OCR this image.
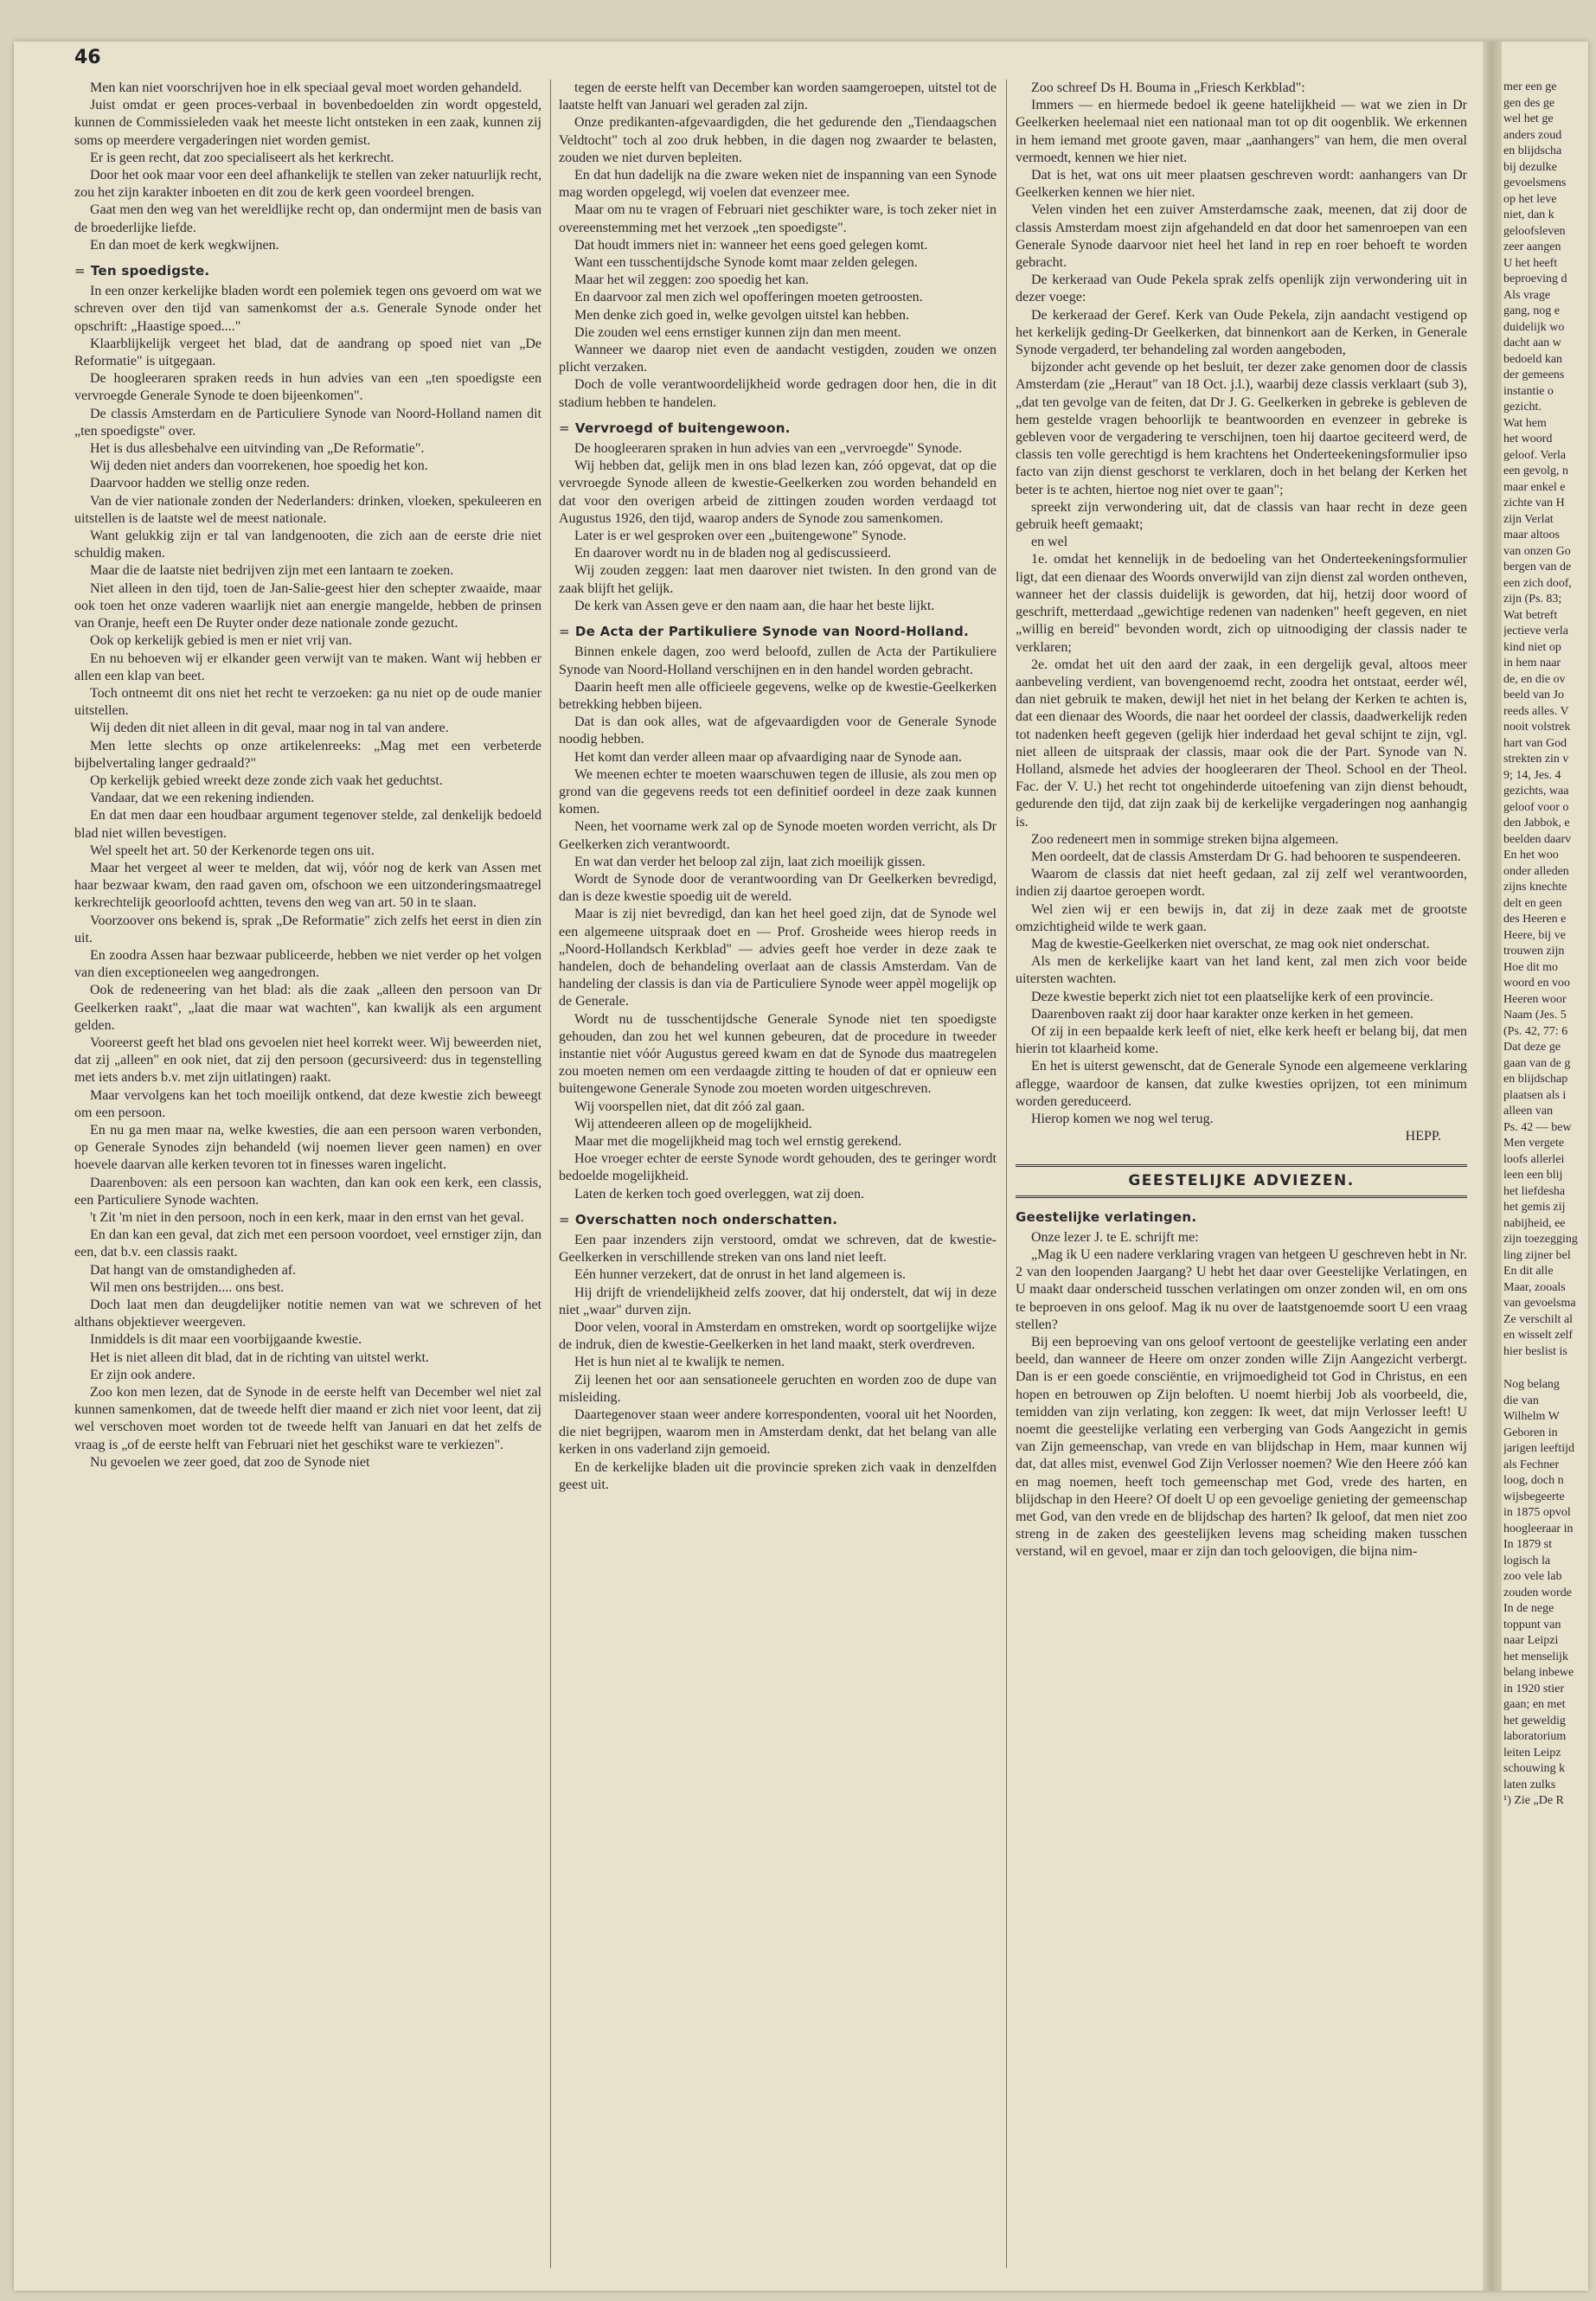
46

Men kan niet voorschrijven hoe in elk speciaal geval moet worden gehandeld.

Juist omdat er geen proces-verbaal in bovenbedoelden zin wordt opgesteld, kunnen de Commissieleden vaak het meeste licht ontsteken in een zaak, kunnen zij soms op meerdere vergaderingen niet worden gemist.

Er is geen recht, dat zoo specialiseert als het kerkrecht.

Door het ook maar voor een deel afhankelijk te stellen van zeker natuurlijk recht, zou het zijn karakter inboeten en dit zou de kerk geen voordeel brengen.

Gaat men den weg van het wereldlijke recht op, dan ondermijnt men de basis van de broederlijke liefde.

En dan moet de kerk wegkwijnen.

= Ten spoedigste.

In een onzer kerkelijke bladen wordt een polemiek tegen ons gevoerd om wat we schreven over den tijd van samenkomst der a.s. Generale Synode onder het opschrift: „Haastige spoed...."

Klaarblijkelijk vergeet het blad, dat de aandrang op spoed niet van „De Reformatie" is uitgegaan.

De hoogleeraren spraken reeds in hun advies van een „ten spoedigste een vervroegde Generale Synode te doen bijeenkomen".

De classis Amsterdam en de Particuliere Synode van Noord-Holland namen dit „ten spoedigste" over.

Het is dus allesbehalve een uitvinding van „De Reformatie".

Wij deden niet anders dan voorrekenen, hoe spoedig het kon.

Daarvoor hadden we stellig onze reden.

Van de vier nationale zonden der Nederlanders: drinken, vloeken, spekuleeren en uitstellen is de laatste wel de meest nationale.

Want gelukkig zijn er tal van landgenooten, die zich aan de eerste drie niet schuldig maken.

Maar die de laatste niet bedrijven zijn met een lantaarn te zoeken.

Niet alleen in den tijd, toen de Jan-Salie-geest hier den schepter zwaaide, maar ook toen het onze vaderen waarlijk niet aan energie mangelde, hebben de prinsen van Oranje, heeft een De Ruyter onder deze nationale zonde gezucht.

Ook op kerkelijk gebied is men er niet vrij van.

En nu behoeven wij er elkander geen verwijt van te maken. Want wij hebben er allen een klap van beet.

Toch ontneemt dit ons niet het recht te verzoeken: ga nu niet op de oude manier uitstellen.

Wij deden dit niet alleen in dit geval, maar nog in tal van andere.

Men lette slechts op onze artikelenreeks: „Mag met een verbeterde bijbelvertaling langer gedraald?"

Op kerkelijk gebied wreekt deze zonde zich vaak het geduchtst.

Vandaar, dat we een rekening indienden.

En dat men daar een houdbaar argument tegenover stelde, zal denkelijk bedoeld blad niet willen bevestigen.

Wel speelt het art. 50 der Kerkenorde tegen ons uit.

Maar het vergeet al weer te melden, dat wij, vóór nog de kerk van Assen met haar bezwaar kwam, den raad gaven om, ofschoon we een uitzonderingsmaatregel kerkrechtelijk geoorloofd achtten, tevens den weg van art. 50 in te slaan.

Voorzoover ons bekend is, sprak „De Reformatie" zich zelfs het eerst in dien zin uit.

En zoodra Assen haar bezwaar publiceerde, hebben we niet verder op het volgen van dien exceptioneelen weg aangedrongen.

Ook de redeneering van het blad: als die zaak „alleen den persoon van Dr Geelkerken raakt", „laat die maar wat wachten", kan kwalijk als een argument gelden.

Vooreerst geeft het blad ons gevoelen niet heel korrekt weer. Wij beweerden niet, dat zij „alleen" en ook niet, dat zij den persoon (gecursiveerd: dus in tegenstelling met iets anders b.v. met zijn uitlatingen) raakt.

Maar vervolgens kan het toch moeilijk ontkend, dat deze kwestie zich beweegt om een persoon.

En nu ga men maar na, welke kwesties, die aan een persoon waren verbonden, op Generale Synodes zijn behandeld (wij noemen liever geen namen) en over hoevele daarvan alle kerken tevoren tot in finesses waren ingelicht.

Daarenboven: als een persoon kan wachten, dan kan ook een kerk, een classis, een Particuliere Synode wachten.

't Zit 'm niet in den persoon, noch in een kerk, maar in den ernst van het geval.

En dan kan een geval, dat zich met een persoon voordoet, veel ernstiger zijn, dan een, dat b.v. een classis raakt.

Dat hangt van de omstandigheden af.

Wil men ons bestrijden.... ons best.

Doch laat men dan deugdelijker notitie nemen van wat we schreven of het althans objektiever weergeven.

Inmiddels is dit maar een voorbijgaande kwestie.

Het is niet alleen dit blad, dat in de richting van uitstel werkt.

Er zijn ook andere.

Zoo kon men lezen, dat de Synode in de eerste helft van December wel niet zal kunnen samenkomen, dat de tweede helft dier maand er zich niet voor leent, dat zij wel verschoven moet worden tot de tweede helft van Januari en dat het zelfs de vraag is „of de eerste helft van Februari niet het geschikst ware te verkiezen".

Nu gevoelen we zeer goed, dat zoo de Synode niet

tegen de eerste helft van December kan worden saamgeroepen, uitstel tot de laatste helft van Januari wel geraden zal zijn.

Onze predikanten-afgevaardigden, die het gedurende den „Tiendaagschen Veldtocht" toch al zoo druk hebben, in die dagen nog zwaarder te belasten, zouden we niet durven bepleiten.

En dat hun dadelijk na die zware weken niet de inspanning van een Synode mag worden opgelegd, wij voelen dat evenzeer mee.

Maar om nu te vragen of Februari niet geschikter ware, is toch zeker niet in overeenstemming met het verzoek „ten spoedigste".

Dat houdt immers niet in: wanneer het eens goed gelegen komt.

Want een tusschentijdsche Synode komt maar zelden gelegen.

Maar het wil zeggen: zoo spoedig het kan.

En daarvoor zal men zich wel opofferingen moeten getroosten.

Men denke zich goed in, welke gevolgen uitstel kan hebben.

Die zouden wel eens ernstiger kunnen zijn dan men meent.

Wanneer we daarop niet even de aandacht vestigden, zouden we onzen plicht verzaken.

Doch de volle verantwoordelijkheid worde gedragen door hen, die in dit stadium hebben te handelen.

= Vervroegd of buitengewoon.

De hoogleeraren spraken in hun advies van een „vervroegde" Synode.

Wij hebben dat, gelijk men in ons blad lezen kan, zóó opgevat, dat op die vervroegde Synode alleen de kwestie-Geelkerken zou worden behandeld en dat voor den overigen arbeid de zittingen zouden worden verdaagd tot Augustus 1926, den tijd, waarop anders de Synode zou samenkomen.

Later is er wel gesproken over een „buitengewone" Synode.

En daarover wordt nu in de bladen nog al gediscussieerd.

Wij zouden zeggen: laat men daarover niet twisten. In den grond van de zaak blijft het gelijk.

De kerk van Assen geve er den naam aan, die haar het beste lijkt.

= De Acta der Partikuliere Synode van Noord-Holland.

Binnen enkele dagen, zoo werd beloofd, zullen de Acta der Partikuliere Synode van Noord-Holland verschijnen en in den handel worden gebracht.

Daarin heeft men alle officieele gegevens, welke op de kwestie-Geelkerken betrekking hebben bijeen.

Dat is dan ook alles, wat de afgevaardigden voor de Generale Synode noodig hebben.

Het komt dan verder alleen maar op afvaardiging naar de Synode aan.

We meenen echter te moeten waarschuwen tegen de illusie, als zou men op grond van die gegevens reeds tot een definitief oordeel in deze zaak kunnen komen.

Neen, het voorname werk zal op de Synode moeten worden verricht, als Dr Geelkerken zich verantwoordt.

En wat dan verder het beloop zal zijn, laat zich moeilijk gissen.

Wordt de Synode door de verantwoording van Dr Geelkerken bevredigd, dan is deze kwestie spoedig uit de wereld.

Maar is zij niet bevredigd, dan kan het heel goed zijn, dat de Synode wel een algemeene uitspraak doet en — Prof. Grosheide wees hierop reeds in „Noord-Hollandsch Kerkblad" — advies geeft hoe verder in deze zaak te handelen, doch de behandeling overlaat aan de classis Amsterdam. Van de handeling der classis is dan via de Particuliere Synode weer appèl mogelijk op de Generale.

Wordt nu de tusschentijdsche Generale Synode niet ten spoedigste gehouden, dan zou het wel kunnen gebeuren, dat de procedure in tweeder instantie niet vóór Augustus gereed kwam en dat de Synode dus maatregelen zou moeten nemen om een verdaagde zitting te houden of dat er opnieuw een buitengewone Generale Synode zou moeten worden uitgeschreven.

Wij voorspellen niet, dat dit zóó zal gaan.

Wij attendeeren alleen op de mogelijkheid.

Maar met die mogelijkheid mag toch wel ernstig gerekend.

Hoe vroeger echter de eerste Synode wordt gehouden, des te geringer wordt bedoelde mogelijkheid.

Laten de kerken toch goed overleggen, wat zij doen.

= Overschatten noch onderschatten.

Een paar inzenders zijn verstoord, omdat we schreven, dat de kwestie-Geelkerken in verschillende streken van ons land niet leeft.

Eén hunner verzekert, dat de onrust in het land algemeen is.

Hij drijft de vriendelijkheid zelfs zoover, dat hij onderstelt, dat wij in deze niet „waar" durven zijn.

Door velen, vooral in Amsterdam en omstreken, wordt op soortgelijke wijze de indruk, dien de kwestie-Geelkerken in het land maakt, sterk overdreven.

Het is hun niet al te kwalijk te nemen.

Zij leenen het oor aan sensationeele geruchten en worden zoo de dupe van misleiding.

Daartegenover staan weer andere korrespondenten, vooral uit het Noorden, die niet begrijpen, waarom men in Amsterdam denkt, dat het belang van alle kerken in ons vaderland zijn gemoeid.

En de kerkelijke bladen uit die provincie spreken zich vaak in denzelfden geest uit.

Zoo schreef Ds H. Bouma in „Friesch Kerkblad":

Immers — en hiermede bedoel ik geene hatelijkheid — wat we zien in Dr Geelkerken heelemaal niet een nationaal man tot op dit oogenblik. We erkennen in hem iemand met groote gaven, maar „aanhangers" van hem, die men overal vermoedt, kennen we hier niet.

Dat is het, wat ons uit meer plaatsen geschreven wordt: aanhangers van Dr Geelkerken kennen we hier niet.

Velen vinden het een zuiver Amsterdamsche zaak, meenen, dat zij door de classis Amsterdam moest zijn afgehandeld en dat door het samenroepen van een Generale Synode daarvoor niet heel het land in rep en roer behoeft te worden gebracht.

De kerkeraad van Oude Pekela sprak zelfs openlijk zijn verwondering uit in dezer voege:

De kerkeraad der Geref. Kerk van Oude Pekela, zijn aandacht vestigend op het kerkelijk geding-Dr Geelkerken, dat binnenkort aan de Kerken, in Generale Synode vergaderd, ter behandeling zal worden aangeboden,

bijzonder acht gevende op het besluit, ter dezer zake genomen door de classis Amsterdam (zie „Heraut" van 18 Oct. j.l.), waarbij deze classis verklaart (sub 3), „dat ten gevolge van de feiten, dat Dr J. G. Geelkerken in gebreke is gebleven de hem gestelde vragen behoorlijk te beantwoorden en evenzeer in gebreke is gebleven voor de vergadering te verschijnen, toen hij daartoe geciteerd werd, de classis ten volle gerechtigd is hem krachtens het Onderteekeningsformulier ipso facto van zijn dienst geschorst te verklaren, doch in het belang der Kerken het beter is te achten, hiertoe nog niet over te gaan";

spreekt zijn verwondering uit, dat de classis van haar recht in deze geen gebruik heeft gemaakt;

en wel

1e. omdat het kennelijk in de bedoeling van het Onderteekeningsformulier ligt, dat een dienaar des Woords onverwijld van zijn dienst zal worden ontheven, wanneer het der classis duidelijk is geworden, dat hij, hetzij door woord of geschrift, metterdaad „gewichtige redenen van nadenken" heeft gegeven, en niet „willig en bereid" bevonden wordt, zich op uitnoodiging der classis nader te verklaren;

2e. omdat het uit den aard der zaak, in een dergelijk geval, altoos meer aanbeveling verdient, van bovengenoemd recht, zoodra het ontstaat, eerder wél, dan niet gebruik te maken, dewijl het niet in het belang der Kerken te achten is, dat een dienaar des Woords, die naar het oordeel der classis, daadwerkelijk reden tot nadenken heeft gegeven (gelijk hier inderdaad het geval schijnt te zijn, vgl. niet alleen de uitspraak der classis, maar ook die der Part. Synode van N. Holland, alsmede het advies der hoogleeraren der Theol. School en der Theol. Fac. der V. U.) het recht tot ongehinderde uitoefening van zijn dienst behoudt, gedurende den tijd, dat zijn zaak bij de kerkelijke vergaderingen nog aanhangig is.

Zoo redeneert men in sommige streken bijna algemeen.

Men oordeelt, dat de classis Amsterdam Dr G. had behooren te suspendeeren.

Waarom de classis dat niet heeft gedaan, zal zij zelf wel verantwoorden, indien zij daartoe geroepen wordt.

Wel zien wij er een bewijs in, dat zij in deze zaak met de grootste omzichtigheid wilde te werk gaan.

Mag de kwestie-Geelkerken niet overschat, ze mag ook niet onderschat.

Als men de kerkelijke kaart van het land kent, zal men zich voor beide uitersten wachten.

Deze kwestie beperkt zich niet tot een plaatselijke kerk of een provincie.

Daarenboven raakt zij door haar karakter onze kerken in het gemeen.

Of zij in een bepaalde kerk leeft of niet, elke kerk heeft er belang bij, dat men hierin tot klaarheid kome.

En het is uiterst gewenscht, dat de Generale Synode een algemeene verklaring aflegge, waardoor de kansen, dat zulke kwesties oprijzen, tot een minimum worden gereduceerd.

Hierop komen we nog wel terug.

HEPP.

GEESTELIJKE ADVIEZEN.
Geestelijke verlatingen.

Onze lezer J. te E. schrijft me:

„Mag ik U een nadere verklaring vragen van hetgeen U geschreven hebt in Nr. 2 van den loopenden Jaargang? U hebt het daar over Geestelijke Verlatingen, en U maakt daar onderscheid tusschen verlatingen om onzer zonden wil, en om ons te beproeven in ons geloof. Mag ik nu over de laatstgenoemde soort U een vraag stellen?

Bij een beproeving van ons geloof vertoont de geestelijke verlating een ander beeld, dan wanneer de Heere om onzer zonden wille Zijn Aangezicht verbergt. Dan is er een goede consciëntie, en vrijmoedigheid tot God in Christus, en een hopen en betrouwen op Zijn beloften. U noemt hierbij Job als voorbeeld, die, temidden van zijn verlating, kon zeggen: Ik weet, dat mijn Verlosser leeft! U noemt die geestelijke verlating een verberging van Gods Aangezicht in gemis van Zijn gemeenschap, van vrede en van blijdschap in Hem, maar kunnen wij dat, dat alles mist, evenwel God Zijn Verlosser noemen? Wie den Heere zóó kan en mag noemen, heeft toch gemeenschap met God, vrede des harten, en blijdschap in den Heere? Of doelt U op een gevoelige genieting der gemeenschap met God, van den vrede en de blijdschap des harten? Ik geloof, dat men niet zoo streng in de zaken des geestelijken levens mag scheiding maken tusschen verstand, wil en gevoel, maar er zijn dan toch geloovigen, die bijna nim-

mer een ge

gen des ge

wel het ge

anders zoud

en blijdscha

bij dezulke

gevoelsmens

op het leve

niet, dan k

geloofsleven

zeer aangen

U het heeft

beproeving d

Als vrage

gang, nog e

duidelijk wo

dacht aan w

bedoeld kan

der gemeens

instantie o

gezicht.

Wat hem

het woord

geloof. Verla

een gevolg, n

maar enkel e

zichte van H

zijn Verlat

maar altoos

van onzen Go

bergen van de

een zich doof,

zijn (Ps. 83;

Wat betreft

jectieve verla

kind niet op

in hem naar

de, en die ov

beeld van Jo

reeds alles. V

nooit volstrek

hart van God

strekten zin v

9; 14, Jes. 4

gezichts, waa

geloof voor o

den Jabbok, e

beelden daarv

En het woo

onder alleden

zijns knechte

delt en geen

des Heeren e

Heere, bij ve

trouwen zijn

Hoe dit mo

woord en voo

Heeren woor

Naam (Jes. 5

(Ps. 42, 77: 6

Dat deze ge

gaan van de g

en blijdschap

plaatsen als i

alleen van

Ps. 42 — bew

Men vergete

loofs allerlei

leen een blij

het liefdesha

het gemis zij

nabijheid, ee

zijn toezegging

ling zijner bel

En dit alle

Maar, zooals

van gevoelsma

Ze verschilt al

en wisselt zelf

hier beslist is

Nog belang

die van

Wilhelm W

Geboren in

jarigen leeftijd

als Fechner

loog, doch n

wijsbegeerte

in 1875 opvol

hoogleeraar in

In 1879 st

logisch la

zoo vele lab

zouden worde

In de nege

toppunt van

naar Leipzi

het menselijk

belang inbewe

in 1920 stier

gaan; en met

het geweldig

laboratorium

leiten Leipz

schouwing k

laten zulks

¹) Zie „De R
